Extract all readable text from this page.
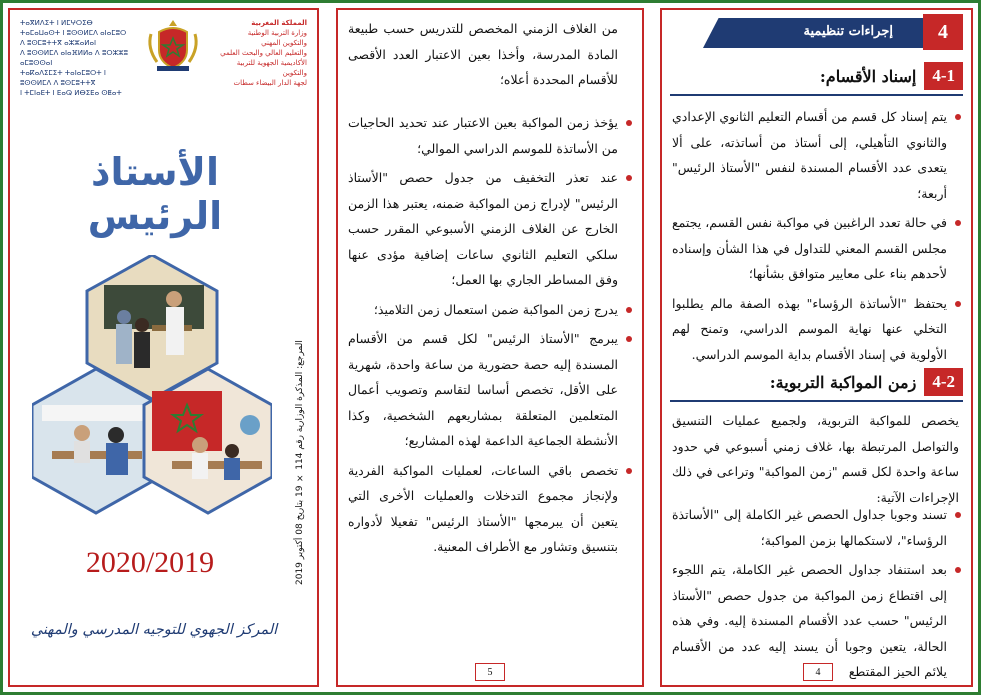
إجراءات تنظيمية	4
4-1
إسناد الأقسام:
يتم إسناد كل قسم من أقسام التعليم الثانوي الإعدادي والثانوي التأهيلي، إلى أستاذ من أساتذته، على ألا يتعدى عدد الأقسام المسندة لنفس "الأستاذ الرئيس" أربعة؛
في حالة تعدد الراغبين في مواكبة نفس القسم، يجتمع مجلس القسم المعني للتداول في هذا الشأن وإسناده لأحدهم بناء على معايير متوافق بشأنها؛
يحتفظ "الأساتذة الرؤساء" بهذه الصفة مالم يطلبوا التخلي عنها نهاية الموسم الدراسي، وتمنح لهم الأولوية في إسناد الأقسام بداية الموسم الدراسي.
4-2
زمن المواكبة التربوية:

يخصص للمواكبة التربوية، ولجميع عمليات التنسيق والتواصل المرتبطة بها، غلاف زمني أسبوعي في حدود ساعة واحدة لكل قسم "زمن المواكبة" وتراعى في ذلك الإجراءات الآتية:

تسند وجوبا جداول الحصص غير الكاملة إلى "الأساتذة الرؤساء"، لاستكمالها بزمن المواكبة؛
بعد استنفاد جداول الحصص غير الكاملة، يتم اللجوء إلى اقتطاع زمن المواكبة من جدول حصص "الأستاذ الرئيس" حسب عدد الأقسام المسندة إليه. وفي هذه الحالة، يتعين وجوبا أن يسند إليه عدد من الأقسام يلائم الحيز المقتطع
4

من الغلاف الزمني المخصص للتدريس حسب طبيعة المادة المدرسة، وأخذا بعين الاعتبار العدد الأقصى للأقسام المحددة أعلاه؛

يؤخذ زمن المواكبة بعين الاعتبار عند تحديد الحاجيات من الأساتذة للموسم الدراسي الموالي؛
عند تعذر التخفيف من جدول حصص "الأستاذ الرئيس" لإدراج زمن المواكبة ضمنه، يعتبر هذا الزمن الخارج عن الغلاف الزمني الأسبوعي المقرر حسب سلكي التعليم الثانوي ساعات إضافية مؤدى عنها وفق المساطر الجاري بها العمل؛
يدرج زمن المواكبة ضمن استعمال زمن التلاميذ؛
يبرمج "الأستاذ الرئيس" لكل قسم من الأقسام المسندة إليه حصة حضورية من ساعة واحدة، شهرية على الأقل، تخصص أساسا لتقاسم وتصويب أعمال المتعلمين المتعلقة بمشاريعهم الشخصية، وكذا الأنشطة الجماعية الداعمة لهذه المشاريع؛
تخصص باقي الساعات، لعمليات المواكبة الفردية ولإنجاز مجموع التدخلات والعمليات الأخرى التي يتعين أن يبرمجها "الأستاذ الرئيس" تفعيلا لأدواره بتنسيق وتشاور مع الأطراف المعنية.
5
المملكة المغربية
وزارة التربية الوطنية
والتكوين المهني
والتعليم العالي والبحث العلمي
الأكاديمية الجهوية للتربية والتكوين
لجهة الدار البيضاء سطات
ⵜⴰⴳⵍⴷⵉⵜ ⵏ ⵍⵎⵖⵔⵉⴱ
ⵜⴰⵎⴰⵡⴰⵙⵜ ⵏ ⵓⵙⵙⵍⵎⴷ ⴰⵏⴰⵎⵓⵔ
ⴷ ⵓⵙⵎⵓⵜⵜⴳ ⴰⵣⵣⴰⵍⴰⵏ
ⴷ ⵓⵙⵙⵍⵎⴷ ⴰⵏⴰⴼⵍⵍⴰ ⴷ ⵓⵔⵣⵣⵓ ⴰⵎⵓⵙⵙⴰⵏ
ⵜⴰⴽⴰⴷⵉⵎⵉⵜ ⵜⴰⵏⴰⵎⵓⵔⵜ ⵏ ⵓⵙⵙⵍⵎⴷ ⴷ ⵓⵙⵎⵓⵜⵜⴳ
ⵏ ⵜⵎⵏⴰⴹⵜ ⵏ ⴹⴰⵕ ⵍⴱⵉⴹⴰ ⵙⵟⴰⵜ
الأستاذ الرئيس
2020/2019
المركز الجهوي للتوجيه المدرسي والمهني
المرجع: المذكرة الوزارية رقم 114 × 19 بتاريخ 08 أكتوبر 2019
